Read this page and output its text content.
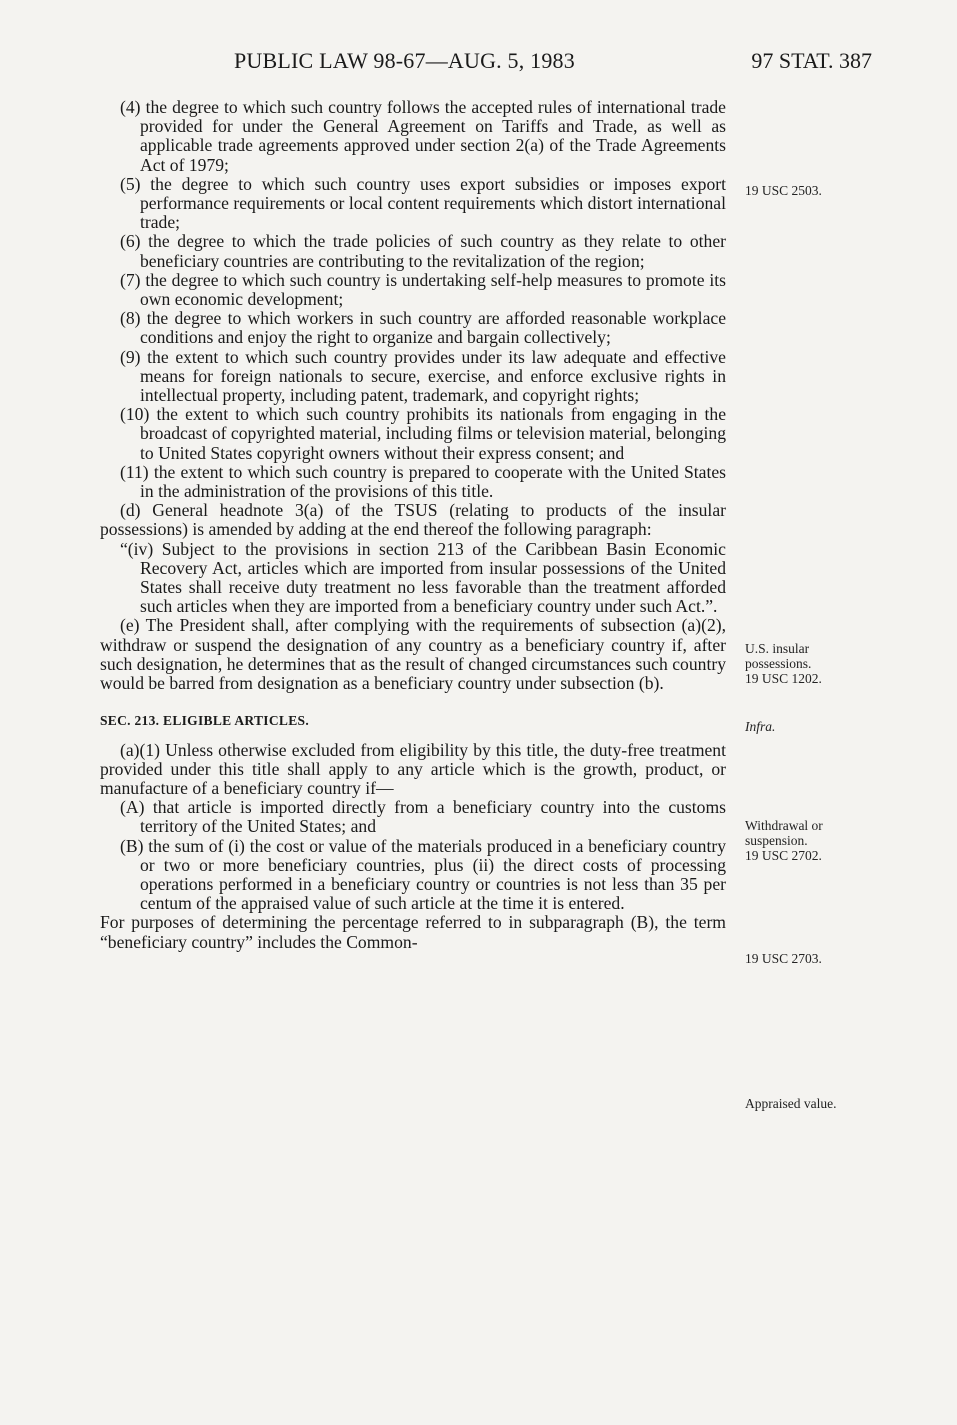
PUBLIC LAW 98-67—AUG. 5, 1983	97 STAT. 387

(4) the degree to which such country follows the accepted rules of international trade provided for under the General Agreement on Tariffs and Trade, as well as applicable trade agreements approved under section 2(a) of the Trade Agreements Act of 1979;

(5) the degree to which such country uses export subsidies or imposes export performance requirements or local content requirements which distort international trade;

(6) the degree to which the trade policies of such country as they relate to other beneficiary countries are contributing to the revitalization of the region;

(7) the degree to which such country is undertaking self-help measures to promote its own economic development;

(8) the degree to which workers in such country are afforded reasonable workplace conditions and enjoy the right to organize and bargain collectively;

(9) the extent to which such country provides under its law adequate and effective means for foreign nationals to secure, exercise, and enforce exclusive rights in intellectual property, including patent, trademark, and copyright rights;

(10) the extent to which such country prohibits its nationals from engaging in the broadcast of copyrighted material, including films or television material, belonging to United States copyright owners without their express consent; and

(11) the extent to which such country is prepared to cooperate with the United States in the administration of the provisions of this title.

(d) General headnote 3(a) of the TSUS (relating to products of the insular possessions) is amended by adding at the end thereof the following paragraph:

“(iv) Subject to the provisions in section 213 of the Caribbean Basin Economic Recovery Act, articles which are imported from insular possessions of the United States shall receive duty treatment no less favorable than the treatment afforded such articles when they are imported from a beneficiary country under such Act.”.

(e) The President shall, after complying with the requirements of subsection (a)(2), withdraw or suspend the designation of any country as a beneficiary country if, after such designation, he determines that as the result of changed circumstances such country would be barred from designation as a beneficiary country under subsection (b).

SEC. 213. ELIGIBLE ARTICLES.

(a)(1) Unless otherwise excluded from eligibility by this title, the duty-free treatment provided under this title shall apply to any article which is the growth, product, or manufacture of a beneficiary country if—

(A) that article is imported directly from a beneficiary country into the customs territory of the United States; and

(B) the sum of (i) the cost or value of the materials produced in a beneficiary country or two or more beneficiary countries, plus (ii) the direct costs of processing operations performed in a beneficiary country or countries is not less than 35 per centum of the appraised value of such article at the time it is entered.

For purposes of determining the percentage referred to in subparagraph (B), the term “beneficiary country” includes the Common-

19 USC 2503.
U.S. insular
possessions.
19 USC 1202.
Infra.
Withdrawal or
suspension.
19 USC 2702.
19 USC 2703.
Appraised value.
